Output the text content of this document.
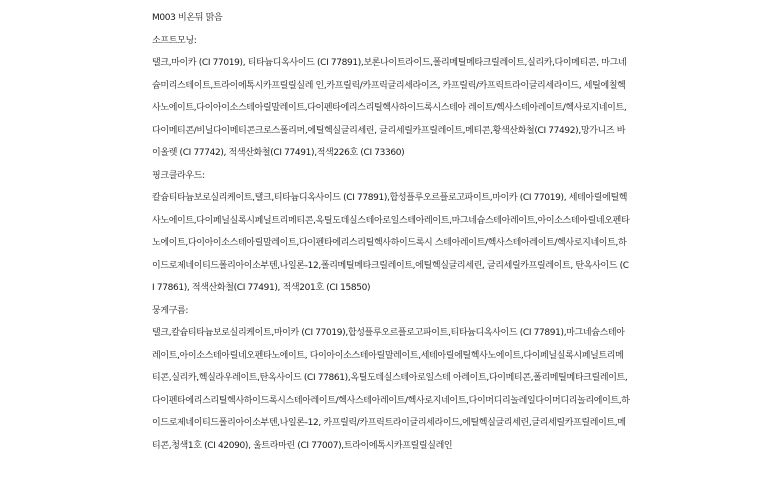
M003 비온뒤 맑음

소프트모닝:

탤크,마이카 (CI 77019), 티타늄디옥사이드 (CI 77891),보론나이트라이드,폴리메틸메타크릴레이트,실리카,다이메티콘, 마그네슘미리스테이트,트라이에톡시카프릴릴실레 인,카프릴릭/카프릭글리세라이즈, 카프릴릭/카프릭트라이글리세라이드, 세틸에칠헥사노에이트,다이아이소스테아릴말레이트,다이펜타에리스리틸헥사하이드록시스테아 레이트/헥사스테아레이트/헥사로지네이트,다이메티콘/비닐다이메티콘크로스폴리머,에틸헥실글리세린, 글리세릴카프릴레이트,메티콘,황색산화철(CI 77492),망가니즈 바이올렛 (CI 77742), 적색산화철(CI 77491),적색226호 (CI 73360)

핑크클라우드:

칼슘티타늄보로실리케이트,탤크,티타늄디옥사이드 (CI 77891),합성플루오르플로고파이트,마이카 (CI 77019), 세테아릴에틸헥사노에이트,다이페닐실록시페닐트리메티콘,옥틸도데실스테아로일스테아레이트,마그네슘스테아레이트,아이소스테아릴네오펜타노에이트,다이아이소스테아릴말레이트,다이펜타에리스리틸헥사하이드록시 스테아레이트/헥사스테아레이트/헥사로지네이트,하이드로제네이티드폴리아이소부텐,나일론-12,폴리메틸메타크릴레이트,에틸헥실글리세린, 글리세릴카프릴레이트, 탄옥사이드 (CI 77861), 적색산화철(CI 77491), 적색201호 (CI 15850)

뭉게구름:

탤크,칼슘티타늄보로실리케이트,마이카 (CI 77019),합성플루오르플로고파이트,티타늄디옥사이드 (CI 77891),마그네슘스테아레이트,아이소스테아릴네오펜타노에이트, 다이아이소스테아릴말레이트,세테아릴에틸헥사노에이트,다이페닐실록시페닐트리메티콘,실리카,헥실라우레이트,탄옥사이드 (CI 77861),옥틸도데실스테아로일스테 아레이트,다이메티콘,폴리메틸메타크릴레이트,다이펜타에리스리틸헥사하이드록시스테아레이트/헥사스테아레이트/헥사로지네이트,다이머디리놀레일다이머디리놀리에이트,하이드로제네이티드폴리아이소부텐,나일론-12, 카프릴릭/카프릭트라이글리세라이드,에틸헥실글리세린,글리세릴카프릴레이트,메티콘,청색1호 (CI 42090), 울트라마린 (CI 77007),트라이에톡시카프릴릴실레인
